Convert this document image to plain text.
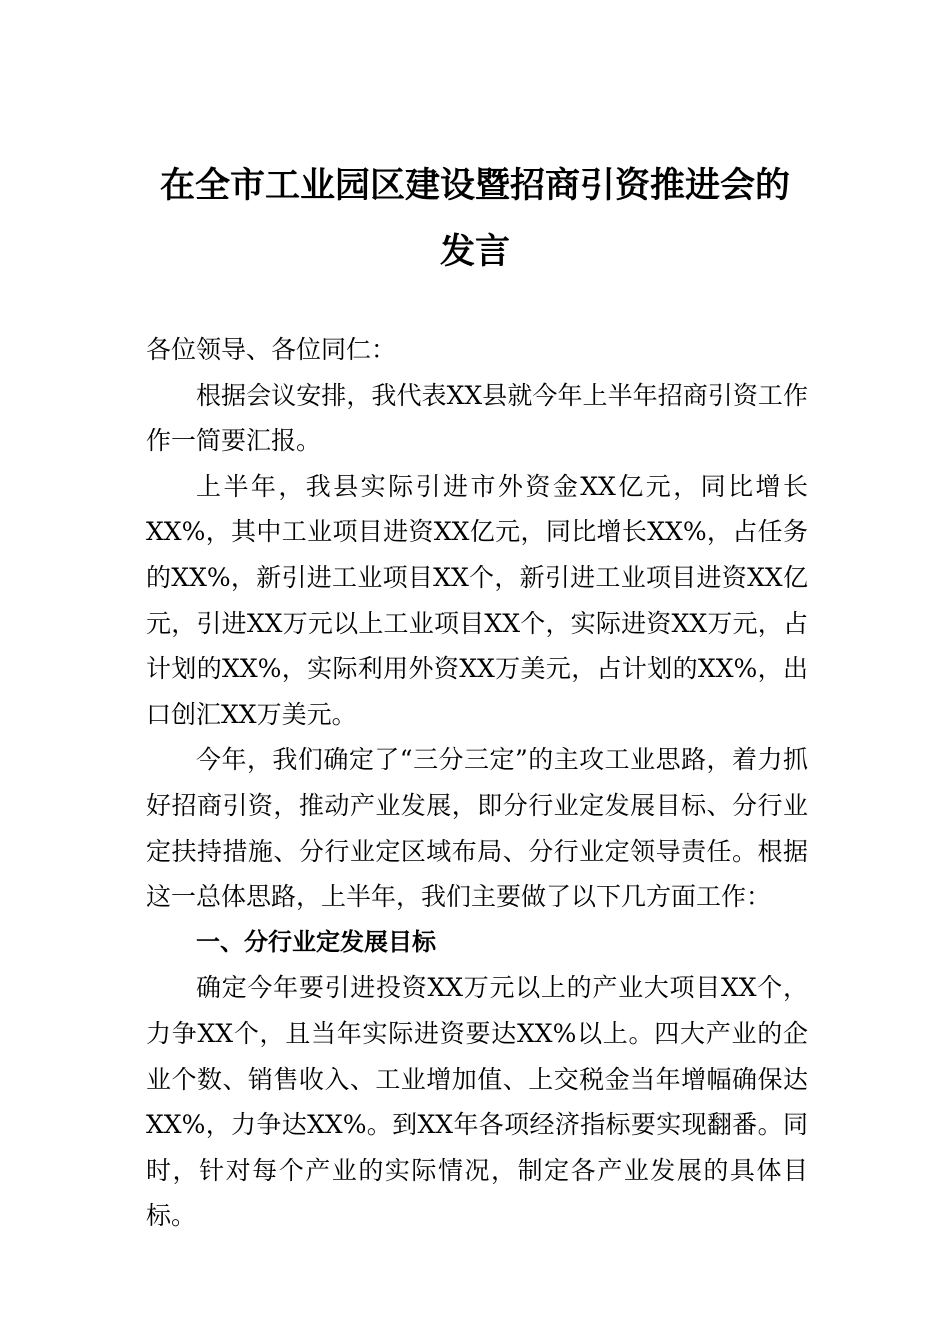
在全市工业园区建设暨招商引资推进会的
发言

各位领导、各位同仁：

根据会议安排，我代表XX县就今年上半年招商引资工作作一简要汇报。

上半年，我县实际引进市外资金XX亿元，同比增长XX%，其中工业项目进资XX亿元，同比增长XX%，占任务的XX%，新引进工业项目XX个，新引进工业项目进资XX亿元，引进XX万元以上工业项目XX个，实际进资XX万元，占计划的XX%，实际利用外资XX万美元，占计划的XX%，出口创汇XX万美元。

今年，我们确定了“三分三定”的主攻工业思路，着力抓好招商引资，推动产业发展，即分行业定发展目标、分行业定扶持措施、分行业定区域布局、分行业定领导责任。根据这一总体思路，上半年，我们主要做了以下几方面工作：

一、分行业定发展目标

确定今年要引进投资XX万元以上的产业大项目XX个，力争XX个，且当年实际进资要达XX%以上。四大产业的企业个数、销售收入、工业增加值、上交税金当年增幅确保达XX%，力争达XX%。到XX年各项经济指标要实现翻番。同时，针对每个产业的实际情况，制定各产业发展的具体目标。
